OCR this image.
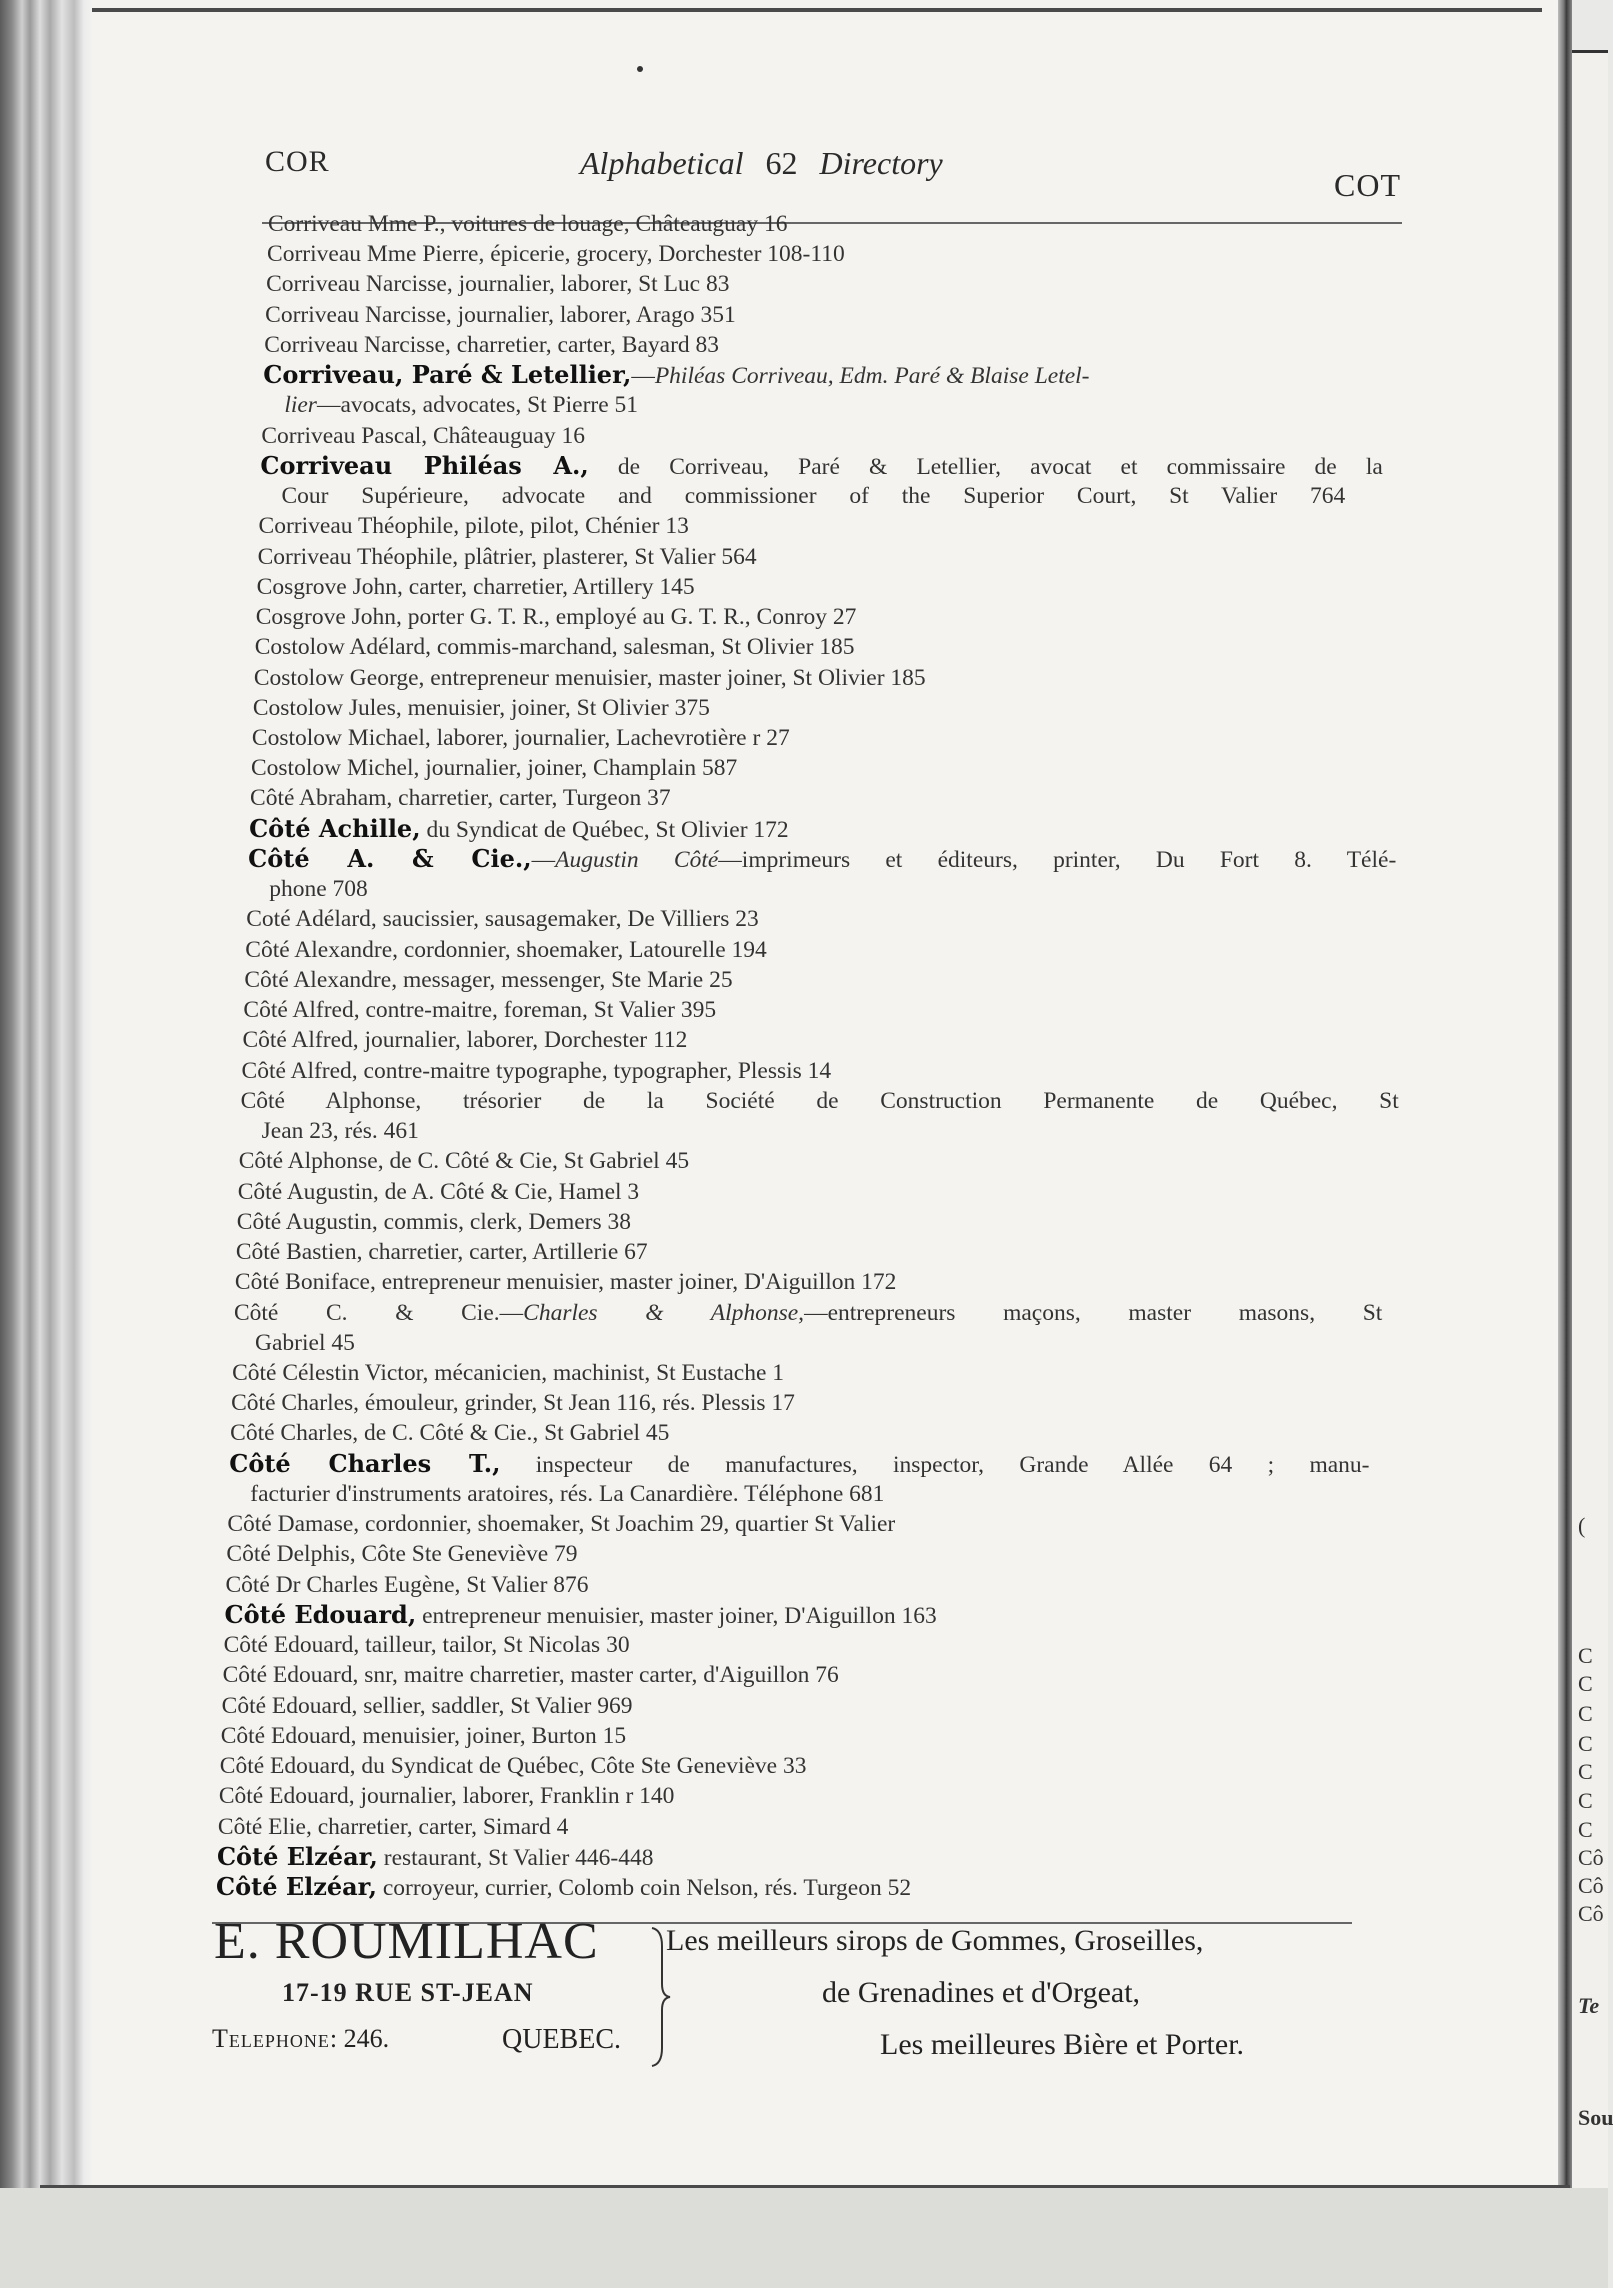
(
C
C
C
C
C
C
C
Cô
Cô
Cô
Te
Sou
COR	Alphabetical 62 Directory
COT
Corriveau Mme P., voitures de louage, Châteauguay 16
Corriveau Mme Pierre, épicerie, grocery, Dorchester 108-110
Corriveau Narcisse, journalier, laborer, St Luc 83
Corriveau Narcisse, journalier, laborer, Arago 351
Corriveau Narcisse, charretier, carter, Bayard 83
Corriveau, Paré & Letellier,—Philéas Corriveau, Edm. Paré & Blaise Letel-
lier—avocats, advocates, St Pierre 51
Corriveau Pascal, Châteauguay 16
Corriveau Philéas A., de Corriveau, Paré & Letellier, avocat et commissaire de la
Cour Supérieure, advocate and commissioner of the Superior Court, St Valier 764
Corriveau Théophile, pilote, pilot, Chénier 13
Corriveau Théophile, plâtrier, plasterer, St Valier 564
Cosgrove John, carter, charretier, Artillery 145
Cosgrove John, porter G. T. R., employé au G. T. R., Conroy 27
Costolow Adélard, commis-marchand, salesman, St Olivier 185
Costolow George, entrepreneur menuisier, master joiner, St Olivier 185
Costolow Jules, menuisier, joiner, St Olivier 375
Costolow Michael, laborer, journalier, Lachevrotière r 27
Costolow Michel, journalier, joiner, Champlain 587
Côté Abraham, charretier, carter, Turgeon 37
Côté Achille, du Syndicat de Québec, St Olivier 172
Côté A. & Cie.,—Augustin Côté—imprimeurs et éditeurs, printer, Du Fort 8. Télé-
phone 708
Coté Adélard, saucissier, sausagemaker, De Villiers 23
Côté Alexandre, cordonnier, shoemaker, Latourelle 194
Côté Alexandre, messager, messenger, Ste Marie 25
Côté Alfred, contre-maitre, foreman, St Valier 395
Côté Alfred, journalier, laborer, Dorchester 112
Côté Alfred, contre-maitre typographe, typographer, Plessis 14
Côté Alphonse, trésorier de la Société de Construction Permanente de Québec, St
Jean 23, rés. 461
Côté Alphonse, de C. Côté & Cie, St Gabriel 45
Côté Augustin, de A. Côté & Cie, Hamel 3
Côté Augustin, commis, clerk, Demers 38
Côté Bastien, charretier, carter, Artillerie 67
Côté Boniface, entrepreneur menuisier, master joiner, D'Aiguillon 172
Côté C. & Cie.—Charles & Alphonse,—entrepreneurs maçons, master masons, St
Gabriel 45
Côté Célestin Victor, mécanicien, machinist, St Eustache 1
Côté Charles, émouleur, grinder, St Jean 116, rés. Plessis 17
Côté Charles, de C. Côté & Cie., St Gabriel 45
Côté Charles T., inspecteur de manufactures, inspector, Grande Allée 64 ; manu-
facturier d'instruments aratoires, rés. La Canardière. Téléphone 681
Côté Damase, cordonnier, shoemaker, St Joachim 29, quartier St Valier
Côté Delphis, Côte Ste Geneviève 79
Côté Dr Charles Eugène, St Valier 876
Côté Edouard, entrepreneur menuisier, master joiner, D'Aiguillon 163
Côté Edouard, tailleur, tailor, St Nicolas 30
Côté Edouard, snr, maitre charretier, master carter, d'Aiguillon 76
Côté Edouard, sellier, saddler, St Valier 969
Côté Edouard, menuisier, joiner, Burton 15
Côté Edouard, du Syndicat de Québec, Côte Ste Geneviève 33
Côté Edouard, journalier, laborer, Franklin r 140
Côté Elie, charretier, carter, Simard 4
Côté Elzéar, restaurant, St Valier 446-448
Côté Elzéar, corroyeur, currier, Colomb coin Nelson, rés. Turgeon 52
E. ROUMILHAC
17-19 RUE ST-JEAN
Telephone: 246.	QUEBEC.
Les meilleurs sirops de Gommes, Groseilles,
de Grenadines et d'Orgeat,
Les meilleures Bière et Porter.
